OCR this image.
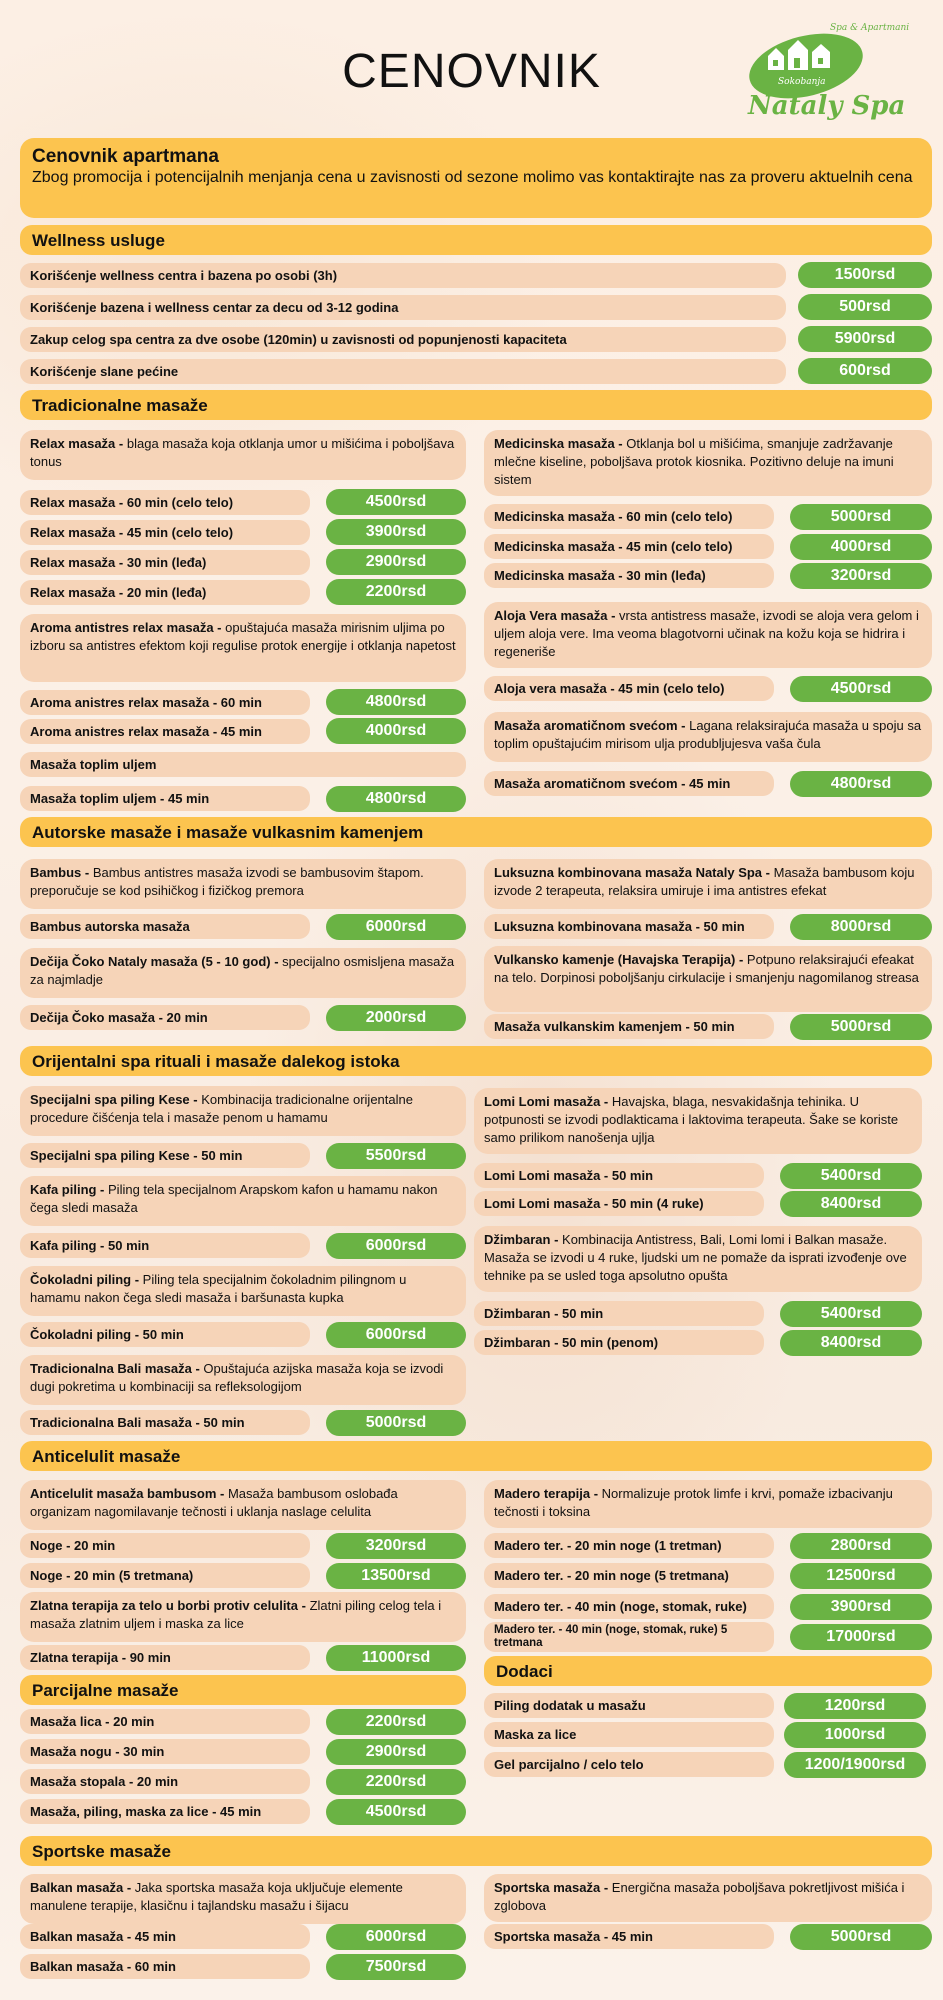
CENOVNIK
Spa & Apartmani
Sokobanja
Nataly Spa
Cenovnik apartmana
Zbog promocija i potencijalnih menjanja cena u zavisnosti od sezone molimo vas kontaktirajte nas za proveru aktuelnih cena
Wellness usluge
Korišćenje wellness centra i bazena po osobi (3h)	1500rsd
Korišćenje bazena i wellness centar za decu od 3-12 godina	500rsd
Zakup celog spa centra za dve osobe (120min) u zavisnosti od popunjenosti kapaciteta	5900rsd
Korišćenje slane pećine	600rsd
Tradicionalne masaže
Relax masaža - blaga masaža koja otklanja umor u mišićima i poboljšava tonus
Relax masaža - 60 min (celo telo)	4500rsd
Relax masaža - 45 min (celo telo)	3900rsd
Relax masaža - 30 min (leđa)	2900rsd
Relax masaža - 20 min (leđa)	2200rsd
Aroma antistres relax masaža - opuštajuća masaža mirisnim uljima po izboru sa antistres efektom koji regulise protok energije i otklanja napetost
Aroma anistres relax masaža - 60 min	4800rsd
Aroma anistres relax masaža - 45 min	4000rsd
Masaža toplim uljem
Masaža toplim uljem - 45 min	4800rsd
Medicinska masaža - Otklanja bol u mišićima, smanjuje zadržavanje mlečne kiseline, poboljšava protok kiosnika. Pozitivno deluje na imuni sistem
Medicinska masaža - 60 min (celo telo)	5000rsd
Medicinska masaža - 45 min (celo telo)	4000rsd
Medicinska masaža - 30 min (leđa)	3200rsd
Aloja Vera masaža - vrsta antistress masaže, izvodi se aloja vera gelom i uljem aloja vere. Ima veoma blagotvorni učinak na kožu koja se hidrira i regeneriše
Aloja vera masaža - 45 min (celo telo)	4500rsd
Masaža aromatičnom svećom - Lagana relaksirajuća masaža u spoju sa toplim opuštajućim mirisom ulja produbljujesva vaša čula
Masaža aromatičnom svećom - 45 min	4800rsd
Autorske masaže i masaže vulkasnim kamenjem
Bambus - Bambus antistres masaža izvodi se bambusovim štapom. preporučuje se kod psihičkog i fizičkog premora
Bambus autorska masaža	6000rsd
Dečija Čoko Nataly masaža (5 - 10 god) - specijalno osmisljena masaža za najmladje
Dečija Čoko masaža - 20 min	2000rsd
Luksuzna kombinovana masaža Nataly Spa - Masaža bambusom koju izvode 2 terapeuta, relaksira umiruje i ima antistres efekat
Luksuzna kombinovana masaža - 50 min	8000rsd
Vulkansko kamenje (Havajska Terapija) - Potpuno relaksirajući efeakat na telo. Dorpinosi poboljšanju cirkulacije i smanjenju nagomilanog streasa
Masaža vulkanskim kamenjem - 50 min	5000rsd
Orijentalni spa rituali i masaže dalekog istoka
Specijalni spa piling Kese - Kombinacija tradicionalne orijentalne procedure čišćenja tela i masaže penom u hamamu
Specijalni spa piling Kese - 50 min	5500rsd
Kafa piling - Piling tela specijalnom Arapskom kafon u hamamu nakon čega sledi masaža
Kafa piling - 50 min	6000rsd
Čokoladni piling - Piling tela specijalnim čokoladnim pilingnom u hamamu nakon čega sledi masaža i baršunasta kupka
Čokoladni piling - 50 min	6000rsd
Tradicionalna Bali masaža - Opuštajuća azijska masaža koja se izvodi dugi pokretima u kombinaciji sa refleksologijom
Tradicionalna Bali masaža - 50 min	5000rsd
Lomi Lomi masaža - Havajska, blaga, nesvakidašnja tehinika. U potpunosti se izvodi podlakticama i laktovima terapeuta. Šake se koriste samo prilikom nanošenja ujlja
Lomi Lomi masaža - 50 min	5400rsd
Lomi Lomi masaža - 50 min (4 ruke)	8400rsd
Džimbaran - Kombinacija Antistress, Bali, Lomi lomi i Balkan masaže. Masaža se izvodi u 4 ruke, ljudski um ne pomaže da isprati izvođenje ove tehnike pa se usled toga apsolutno opušta
Džimbaran - 50 min	5400rsd
Džimbaran - 50 min (penom)	8400rsd
Anticelulit masaže
Anticelulit masaža bambusom - Masaža bambusom oslobađa organizam nagomilavanje tečnosti i uklanja naslage celulita
Noge - 20 min	3200rsd
Noge - 20 min (5 tretmana)	13500rsd
Zlatna terapija za telo u borbi protiv celulita - Zlatni piling celog tela i masaža zlatnim uljem i maska za lice
Zlatna terapija - 90 min	11000rsd
Madero terapija - Normalizuje protok limfe i krvi, pomaže izbacivanju tečnosti i toksina
Madero ter. - 20 min noge (1 tretman)	2800rsd
Madero ter. - 20 min noge (5 tretmana)	12500rsd
Madero ter. - 40 min (noge, stomak, ruke)	3900rsd
Madero ter. - 40 min (noge, stomak, ruke) 5 tretmana	17000rsd
Parcijalne masaže
Masaža lica - 20 min	2200rsd
Masaža nogu - 30 min	2900rsd
Masaža stopala - 20 min	2200rsd
Masaža, piling, maska za lice - 45 min	4500rsd
Dodaci
Piling dodatak u masažu	1200rsd
Maska za lice	1000rsd
Gel parcijalno / celo telo	1200/1900rsd
Sportske masaže
Balkan masaža - Jaka sportska masaža koja uključuje elemente manulene terapije, klasičnu i tajlandsku masažu i šijacu
Balkan masaža - 45 min	6000rsd
Balkan masaža - 60 min	7500rsd
Sportska masaža - Energična masaža poboljšava pokretljivost mišića i zglobova
Sportska masaža - 45 min	5000rsd
